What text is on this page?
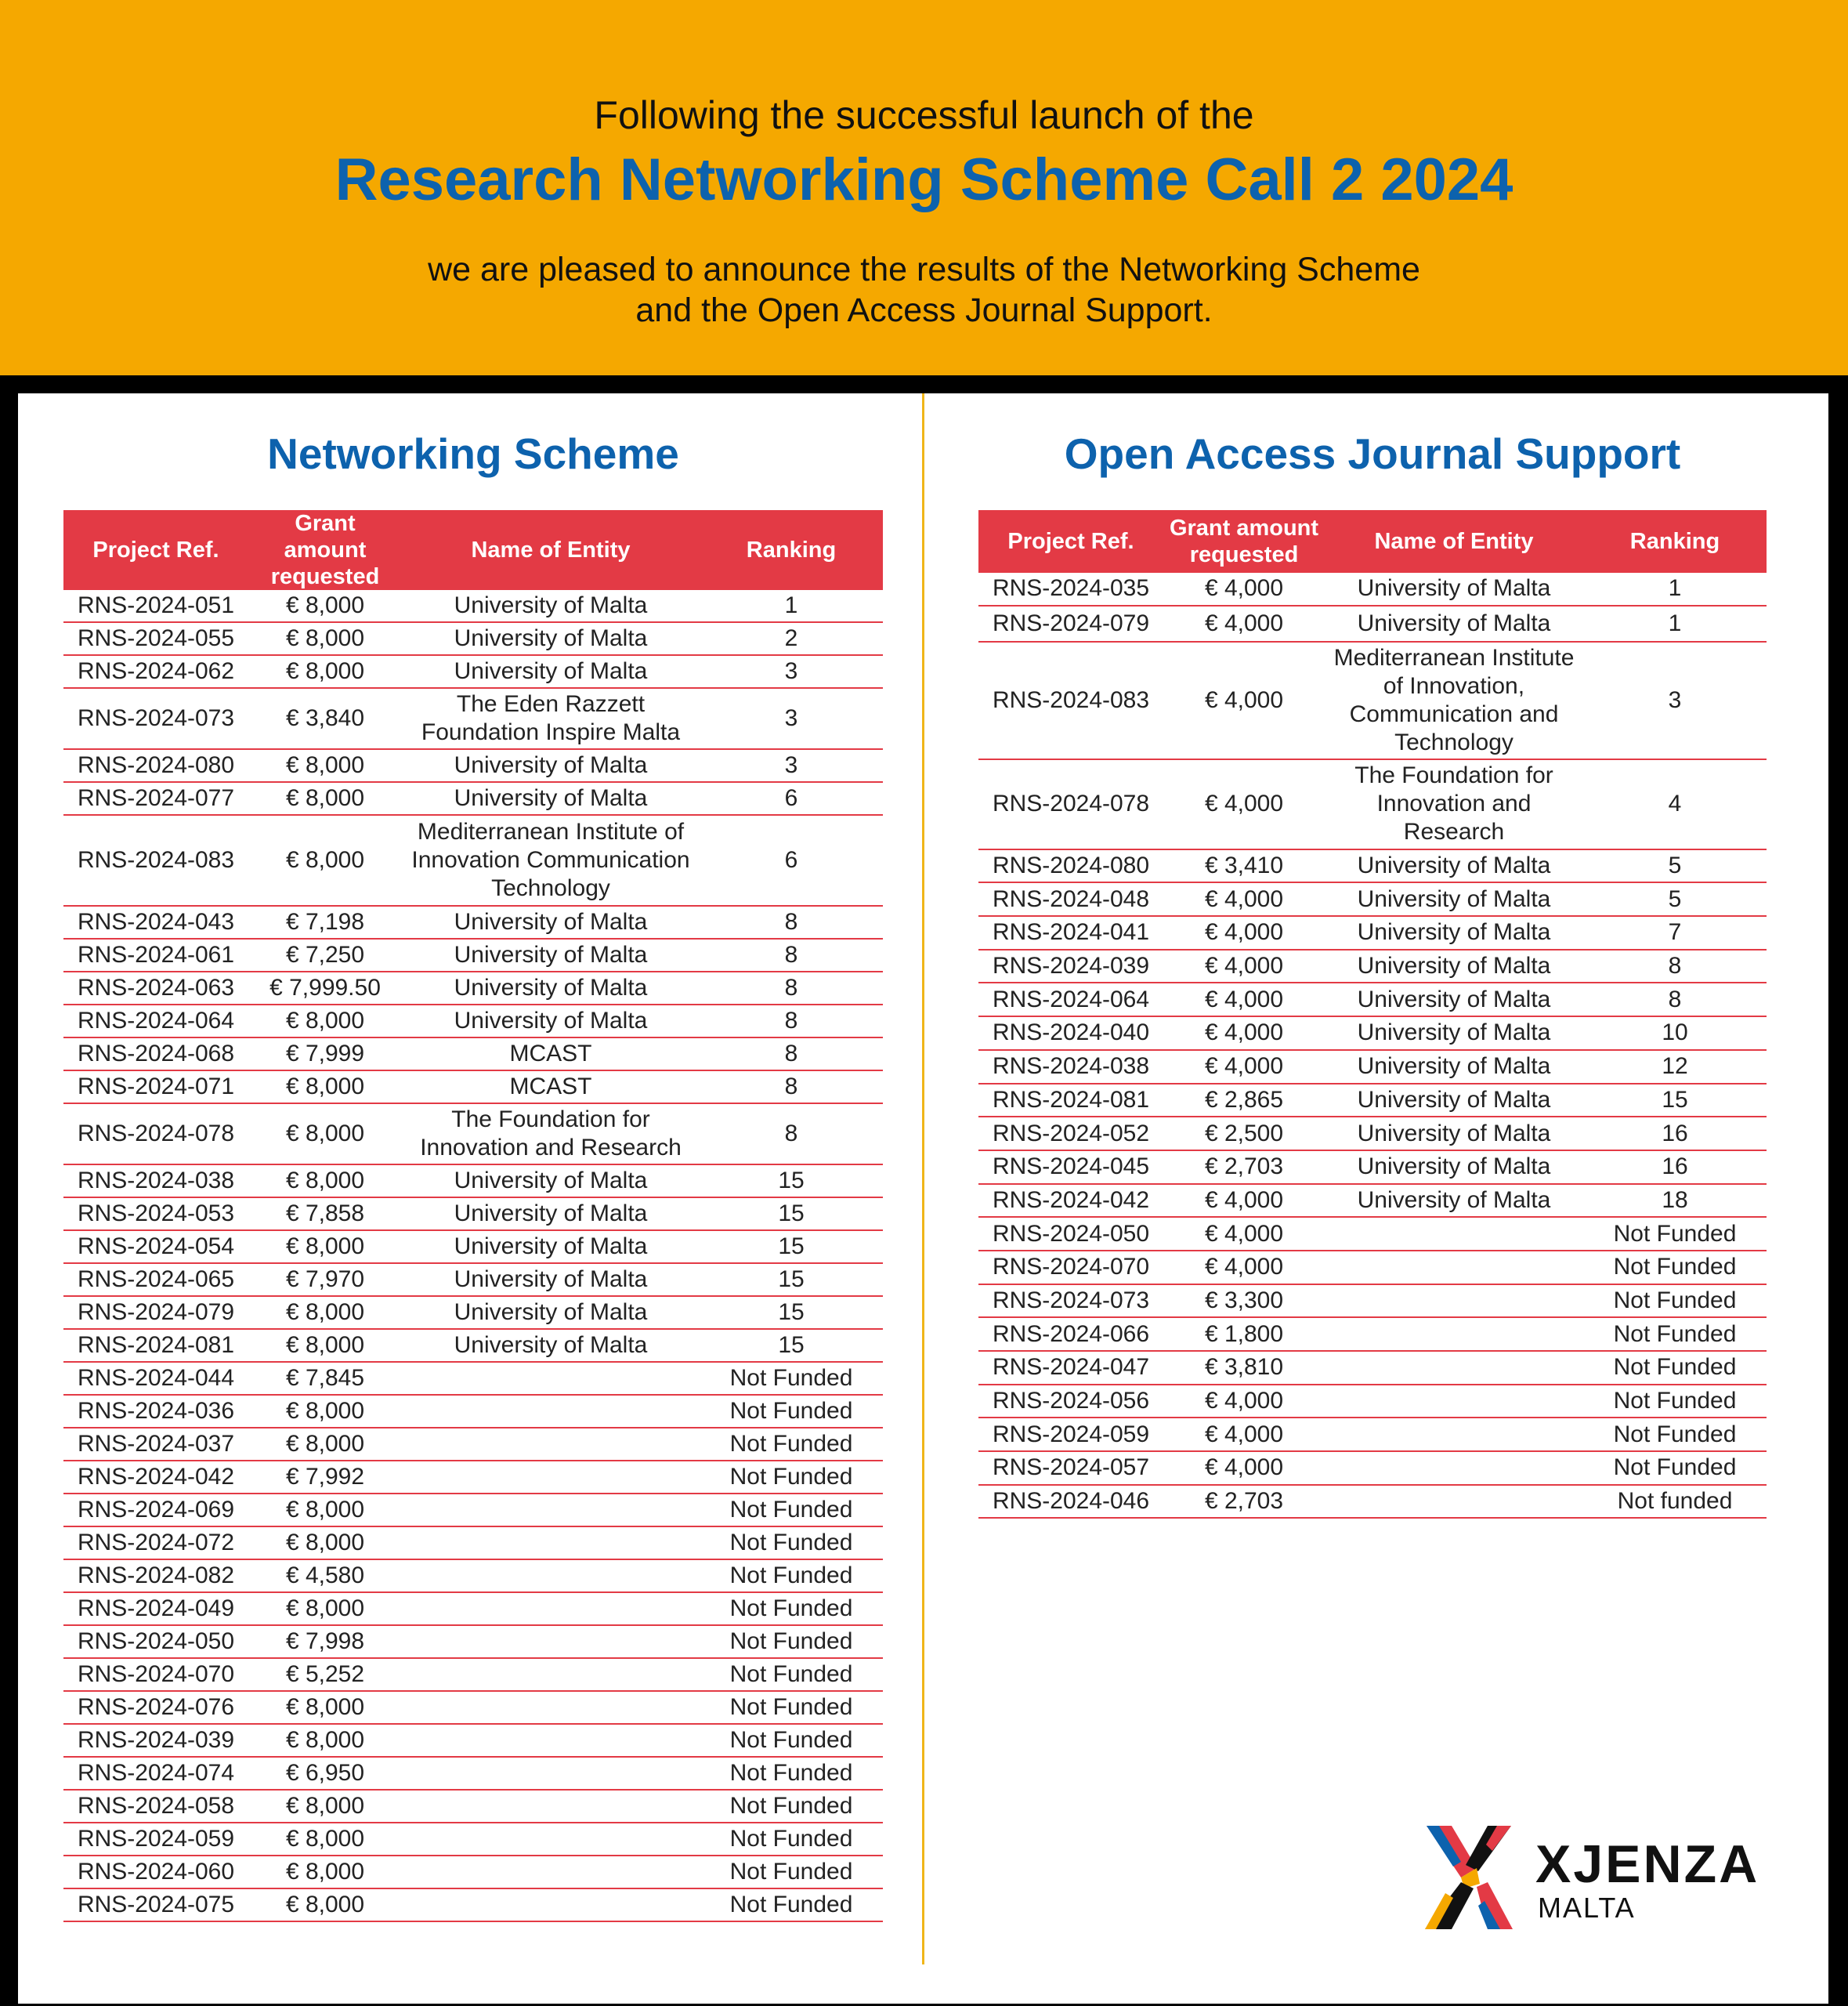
Following the successful launch of the
Research Networking Scheme Call 2 2024
we are pleased to announce the results of the Networking Scheme
and the Open Access Journal Support.
Networking Scheme
Project Ref.	Grant amount requested	Name of Entity	Ranking
RNS-2024-051	€ 8,000	University of Malta	1
RNS-2024-055	€ 8,000	University of Malta	2
RNS-2024-062	€ 8,000	University of Malta	3
RNS-2024-073	€ 3,840	The Eden Razzett Foundation Inspire Malta	3
RNS-2024-080	€ 8,000	University of Malta	3
RNS-2024-077	€ 8,000	University of Malta	6
RNS-2024-083	€ 8,000	Mediterranean Institute of Innovation Communication Technology	6
RNS-2024-043	€ 7,198	University of Malta	8
RNS-2024-061	€ 7,250	University of Malta	8
RNS-2024-063	€ 7,999.50	University of Malta	8
RNS-2024-064	€ 8,000	University of Malta	8
RNS-2024-068	€ 7,999	MCAST	8
RNS-2024-071	€ 8,000	MCAST	8
RNS-2024-078	€ 8,000	The Foundation for Innovation and Research	8
RNS-2024-038	€ 8,000	University of Malta	15
RNS-2024-053	€ 7,858	University of Malta	15
RNS-2024-054	€ 8,000	University of Malta	15
RNS-2024-065	€ 7,970	University of Malta	15
RNS-2024-079	€ 8,000	University of Malta	15
RNS-2024-081	€ 8,000	University of Malta	15
RNS-2024-044	€ 7,845		Not Funded
RNS-2024-036	€ 8,000		Not Funded
RNS-2024-037	€ 8,000		Not Funded
RNS-2024-042	€ 7,992		Not Funded
RNS-2024-069	€ 8,000		Not Funded
RNS-2024-072	€ 8,000		Not Funded
RNS-2024-082	€ 4,580		Not Funded
RNS-2024-049	€ 8,000		Not Funded
RNS-2024-050	€ 7,998		Not Funded
RNS-2024-070	€ 5,252		Not Funded
RNS-2024-076	€ 8,000		Not Funded
RNS-2024-039	€ 8,000		Not Funded
RNS-2024-074	€ 6,950		Not Funded
RNS-2024-058	€ 8,000		Not Funded
RNS-2024-059	€ 8,000		Not Funded
RNS-2024-060	€ 8,000		Not Funded
RNS-2024-075	€ 8,000		Not Funded
Open Access Journal Support
Project Ref.	Grant amount requested	Name of Entity	Ranking
RNS-2024-035	€ 4,000	University of Malta	1
RNS-2024-079	€ 4,000	University of Malta	1
RNS-2024-083	€ 4,000	Mediterranean Institute of Innovation, Communication and Technology	3
RNS-2024-078	€ 4,000	The Foundation for Innovation and Research	4
RNS-2024-080	€ 3,410	University of Malta	5
RNS-2024-048	€ 4,000	University of Malta	5
RNS-2024-041	€ 4,000	University of Malta	7
RNS-2024-039	€ 4,000	University of Malta	8
RNS-2024-064	€ 4,000	University of Malta	8
RNS-2024-040	€ 4,000	University of Malta	10
RNS-2024-038	€ 4,000	University of Malta	12
RNS-2024-081	€ 2,865	University of Malta	15
RNS-2024-052	€ 2,500	University of Malta	16
RNS-2024-045	€ 2,703	University of Malta	16
RNS-2024-042	€ 4,000	University of Malta	18
RNS-2024-050	€ 4,000		Not Funded
RNS-2024-070	€ 4,000		Not Funded
RNS-2024-073	€ 3,300		Not Funded
RNS-2024-066	€ 1,800		Not Funded
RNS-2024-047	€ 3,810		Not Funded
RNS-2024-056	€ 4,000		Not Funded
RNS-2024-059	€ 4,000		Not Funded
RNS-2024-057	€ 4,000		Not Funded
RNS-2024-046	€ 2,703		Not funded
XJENZA
MALTA
